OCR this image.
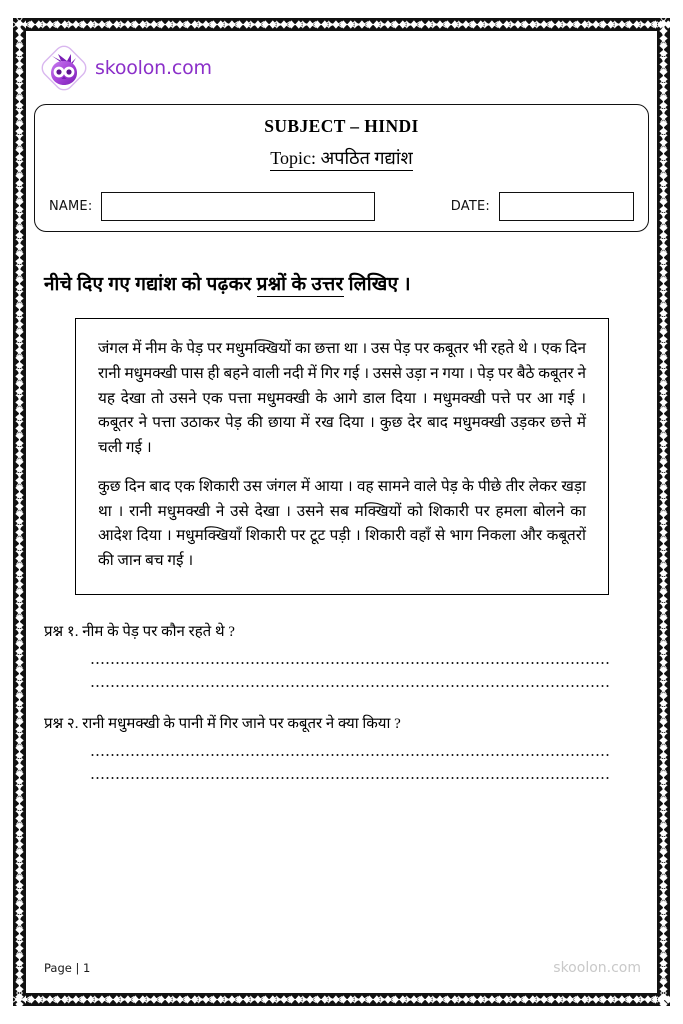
skoolon.com
SUBJECT – HINDI
Topic: अपठित गद्यांश
NAME:	DATE:
नीचे दिए गए गद्यांश को पढ़कर प्रश्नों के उत्तर लिखिए ।

जंगल में नीम के पेड़ पर मधुमक्खियों का छत्ता था । उस पेड़ पर कबूतर भी रहते थे । एक दिन रानी मधुमक्खी पास ही बहने वाली नदी में गिर गई । उससे उड़ा न गया । पेड़ पर बैठे कबूतर ने यह देखा तो उसने एक पत्ता मधुमक्खी के आगे डाल दिया । मधुमक्खी पत्ते पर आ गई । कबूतर ने पत्ता उठाकर पेड़ की छाया में रख दिया । कुछ देर बाद मधुमक्खी उड़कर छत्ते में चली गई ।

कुछ दिन बाद एक शिकारी उस जंगल में आया । वह सामने वाले पेड़ के पीछे तीर लेकर खड़ा था । रानी मधुमक्खी ने उसे देखा । उसने सब मक्खियों को शिकारी पर हमला बोलने का आदेश दिया । मधुमक्खियाँ शिकारी पर टूट पड़ी । शिकारी वहाँ से भाग निकला और कबूतरों की जान बच गई ।

प्रश्न १. नीम के पेड़ पर कौन रहते थे ?
प्रश्न २. रानी मधुमक्खी के पानी में गिर जाने पर कबूतर ने क्या किया ?
Page | 1	skoolon.com
